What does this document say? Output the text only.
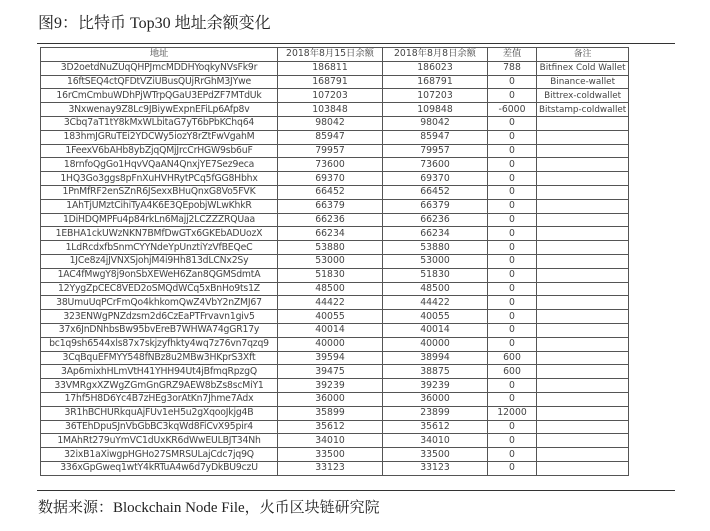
图9：比特币 Top30 地址余额变化
地址	2018年8月15日余额	2018年8月8日余额	差值	备注
3D2oetdNuZUqQHPJmcMDDHYoqkyNVsFk9r	186811	186023	788	Bitfinex Cold Wallet
16ftSEQ4ctQFDtVZiUBusQUjRrGhM3JYwe	168791	168791	0	Binance-wallet
16rCmCmbuWDhPjWTrpQGaU3EPdZF7MTdUk	107203	107203	0	Bittrex-coldwallet
3Nxwenay9Z8Lc9JBiywExpnEFiLp6Afp8v	103848	109848	-6000	Bitstamp-coldwallet
3Cbq7aT1tY8kMxWLbitaG7yT6bPbKChq64	98042	98042	0	
183hmJGRuTEi2YDCWy5iozY8rZtFwVgahM	85947	85947	0	
1FeexV6bAHb8ybZjqQMjJrcCrHGW9sb6uF	79957	79957	0	
18rnfoQgGo1HqvVQaAN4QnxjYE7Sez9eca	73600	73600	0	
1HQ3Go3ggs8pFnXuHVHRytPCq5fGG8Hbhx	69370	69370	0	
1PnMfRF2enSZnR6JSexxBHuQnxG8Vo5FVK	66452	66452	0	
1AhTjUMztCihiTyA4K6E3QEpobjWLwKhkR	66379	66379	0	
1DiHDQMPFu4p84rkLn6Majj2LCZZZRQUaa	66236	66236	0	
1EBHA1ckUWzNKN7BMfDwGTx6GKEbADUozX	66234	66234	0	
1LdRcdxfbSnmCYYNdeYpUnztiYzVfBEQeC	53880	53880	0	
1JCe8z4jJVNXSjohjM4i9Hh813dLCNx2Sy	53000	53000	0	
1AC4fMwgY8j9onSbXEWeH6Zan8QGMSdmtA	51830	51830	0	
12YygZpCEC8VED2oSMQdWCq5xBnHo9ts1Z	48500	48500	0	
38UmuUqPCrFmQo4khkomQwZ4VbY2nZMJ67	44422	44422	0	
323ENWgPNZdzsm2d6CzEaPTFrvavn1giv5	40055	40055	0	
37x6JnDNhbsBw95bvEreB7WHWA74gGR17y	40014	40014	0	
bc1q9sh6544xls87x7skjzyfhkty4wq7z76vn7qzq9	40000	40000	0	
3CqBquEFMYY548fNBz8u2MBw3HKprS3Xft	39594	38994	600	
3Ap6mixhHLmVtH41YHH94Ut4jBfmqRpzgQ	39475	38875	600	
33VMRgxXZWgZGmGnGRZ9AEW8bZs8scMiY1	39239	39239	0	
17hf5H8D6Yc4B7zHEg3orAtKn7Jhme7Adx	36000	36000	0	
3R1hBCHURkquAjFUv1eH5u2gXqooJkjg4B	35899	23899	12000	
36TEhDpuSJnVbGbBC3kqWd8FiCvX95pir4	35612	35612	0	
1MAhRt279uYmVC1dUxKR6dWwEULBJT34Nh	34010	34010	0	
32ixB1aXiwgpHGHo27SMRSULajCdc7jq9Q	33500	33500	0	
336xGpGweq1wtY4kRTuA4w6d7yDkBU9czU	33123	33123	0	
数据来源：Blockchain Node File，火币区块链研究院
